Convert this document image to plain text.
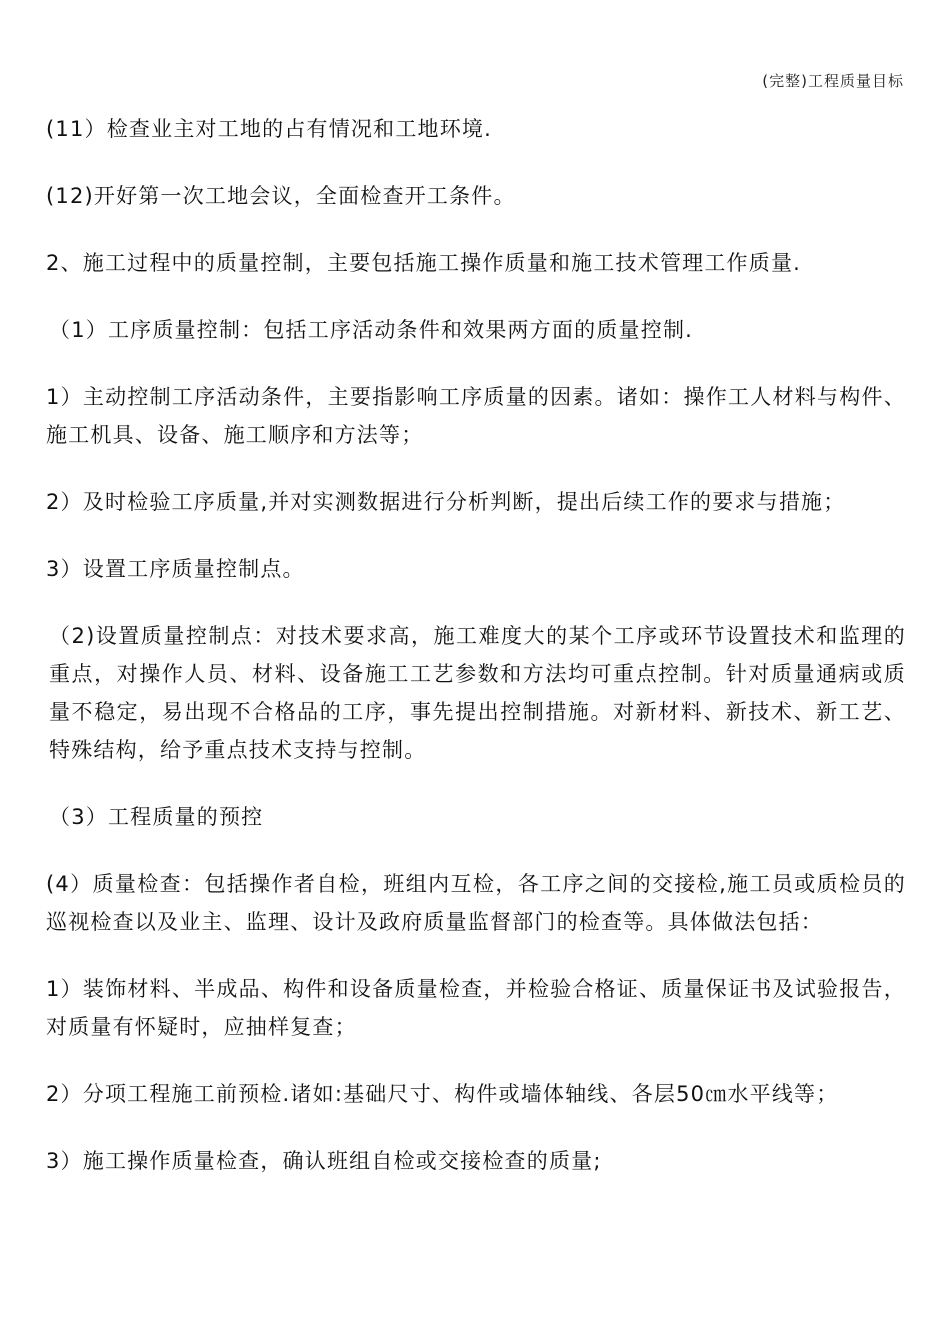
(完整)工程质量目标

(11）检查业主对工地的占有情况和工地环境.

(12)开好第一次工地会议，全面检查开工条件。

2、施工过程中的质量控制，主要包括施工操作质量和施工技术管理工作质量.

（1）工序质量控制：包括工序活动条件和效果两方面的质量控制.

1）主动控制工序活动条件，主要指影响工序质量的因素。诸如：操作工人材料与构件、施工机具、设备、施工顺序和方法等；

2）及时检验工序质量,并对实测数据进行分析判断，提出后续工作的要求与措施；

3）设置工序质量控制点。

（2)设置质量控制点：对技术要求高，施工难度大的某个工序或环节设置技术和监理的重点，对操作人员、材料、设备施工工艺参数和方法均可重点控制。针对质量通病或质量不稳定，易出现不合格品的工序，事先提出控制措施。对新材料、新技术、新工艺、特殊结构，给予重点技术支持与控制。

（3）工程质量的预控

(4）质量检查：包括操作者自检，班组内互检，各工序之间的交接检,施工员或质检员的巡视检查以及业主、监理、设计及政府质量监督部门的检查等。具体做法包括：

1）装饰材料、半成品、构件和设备质量检查，并检验合格证、质量保证书及试验报告，对质量有怀疑时，应抽样复查；

2）分项工程施工前预检.诸如:基础尺寸、构件或墙体轴线、各层50㎝水平线等；

3）施工操作质量检查，确认班组自检或交接检查的质量;
